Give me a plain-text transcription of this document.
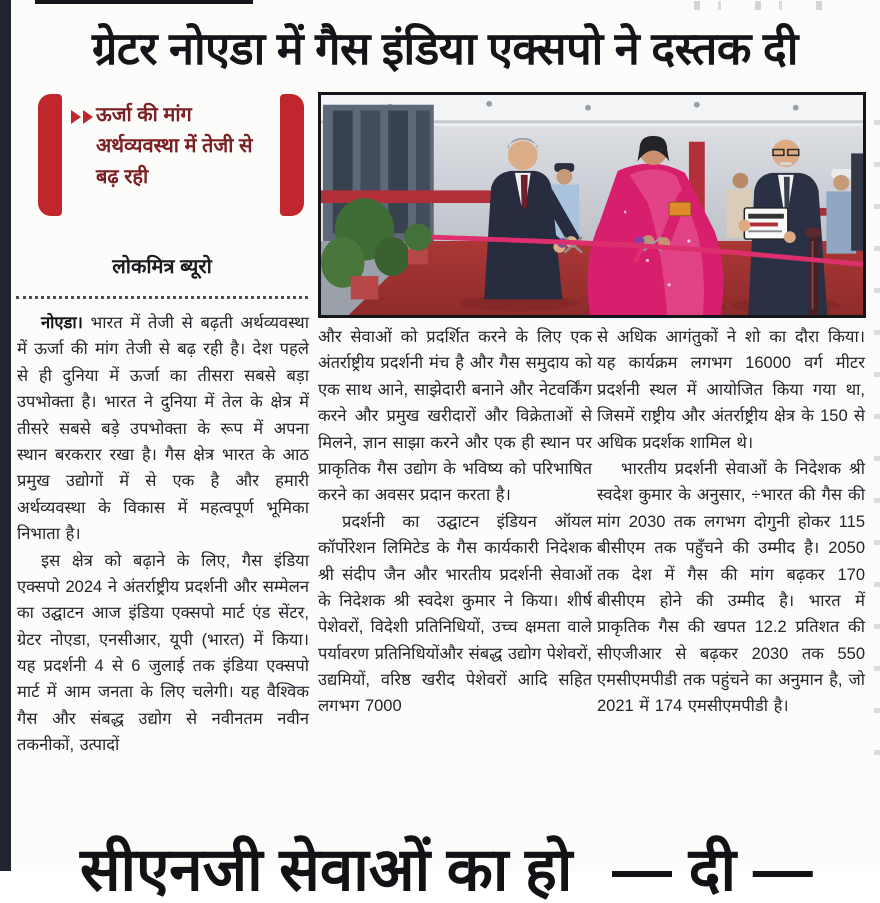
ग्रेटर नोएडा में गैस इंडिया एक्सपो ने दस्तक दी
ऊर्जा की मांग अर्थव्यवस्था में तेजी से बढ़ रही
लोकमित्र ब्यूरो

नोएडा। भारत में तेजी से बढ़ती अर्थव्यवस्था में ऊर्जा की मांग तेजी से बढ़ रही है। देश पहले से ही दुनिया में ऊर्जा का तीसरा सबसे बड़ा उपभोक्ता है। भारत ने दुनिया में तेल के क्षेत्र में तीसरे सबसे बड़े उपभोक्ता के रूप में अपना स्थान बरकरार रखा है। गैस क्षेत्र भारत के आठ प्रमुख उद्योगों में से एक है और हमारी अर्थव्यवस्था के विकास में महत्वपूर्ण भूमिका निभाता है।

इस क्षेत्र को बढ़ाने के लिए, गैस इंडिया एक्सपो 2024 ने अंतर्राष्ट्रीय प्रदर्शनी और सम्मेलन का उद्घाटन आज इंडिया एक्सपो मार्ट एंड सेंटर, ग्रेटर नोएडा, एनसीआर, यूपी (भारत) में किया। यह प्रदर्शनी 4 से 6 जुलाई तक इंडिया एक्सपो मार्ट में आम जनता के लिए चलेगी। यह वैश्विक गैस और संबद्ध उद्योग से नवीनतम नवीन तकनीकों, उत्पादों

और सेवाओं को प्रदर्शित करने के लिए एक अंतर्राष्ट्रीय प्रदर्शनी मंच है और गैस समुदाय को एक साथ आने, साझेदारी बनाने और नेटवर्किंग करने और प्रमुख खरीदारों और विक्रेताओं से मिलने, ज्ञान साझा करने और एक ही स्थान पर प्राकृतिक गैस उद्योग के भविष्य को परिभाषित करने का अवसर प्रदान करता है।

प्रदर्शनी का उद्घाटन इंडियन ऑयल कॉर्पोरेशन लिमिटेड के गैस कार्यकारी निदेशक श्री संदीप जैन और भारतीय प्रदर्शनी सेवाओं के निदेशक श्री स्वदेश कुमार ने किया। शीर्ष पेशेवरों, विदेशी प्रतिनिधियों, उच्च क्षमता वाले पर्यावरण प्रतिनिधियोंऔर संबद्ध उद्योग पेशेवरों, उद्यमियों, वरिष्ठ खरीद पेशेवरों आदि सहित लगभग 7000

से अधिक आगंतुकों ने शो का दौरा किया। यह कार्यक्रम लगभग 16000 वर्ग मीटर प्रदर्शनी स्थल में आयोजित किया गया था, जिसमें राष्ट्रीय और अंतर्राष्ट्रीय क्षेत्र के 150 से अधिक प्रदर्शक शामिल थे।

भारतीय प्रदर्शनी सेवाओं के निदेशक श्री स्वदेश कुमार के अनुसार, ÷भारत की गैस की मांग 2030 तक लगभग दोगुनी होकर 115 बीसीएम तक पहुँचने की उम्मीद है। 2050 तक देश में गैस की मांग बढ़कर 170 बीसीएम होने की उम्मीद है। भारत में प्राकृतिक गैस की खपत 12.2 प्रतिशत की सीएजीआर से बढ़कर 2030 तक 550 एमसीएमपीडी तक पहुंचने का अनुमान है, जो 2021 में 174 एमसीएमपीडी है।

सीएनजी सेवाओं का हो — दी —
